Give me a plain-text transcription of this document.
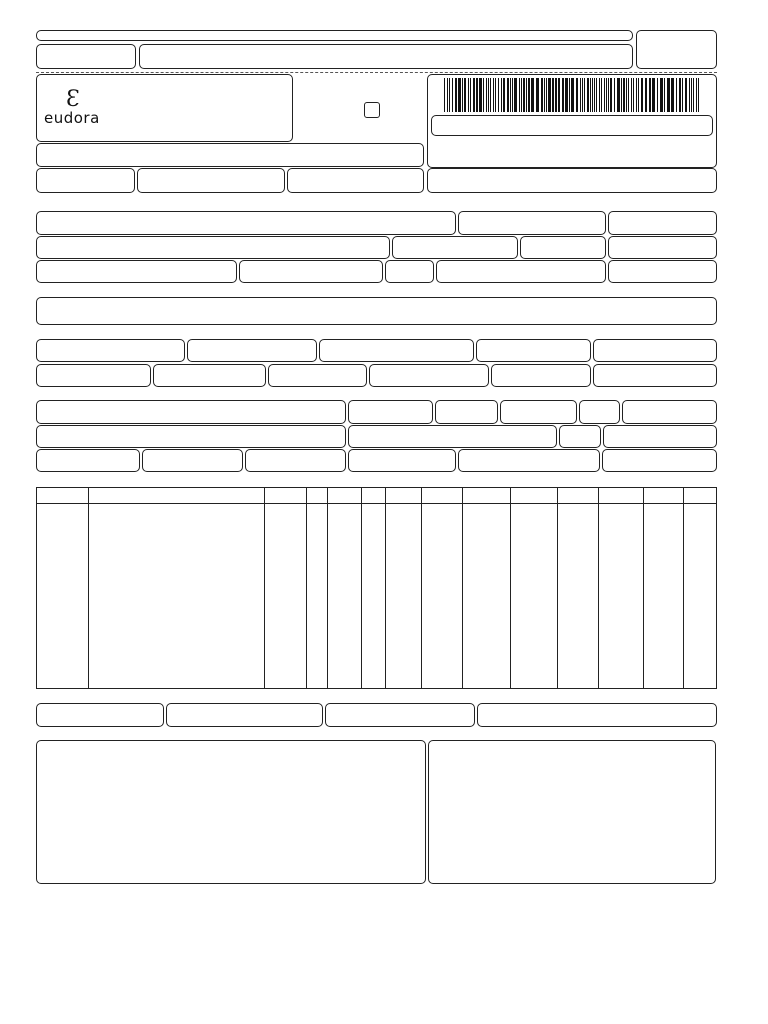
Ɛ
eudora
